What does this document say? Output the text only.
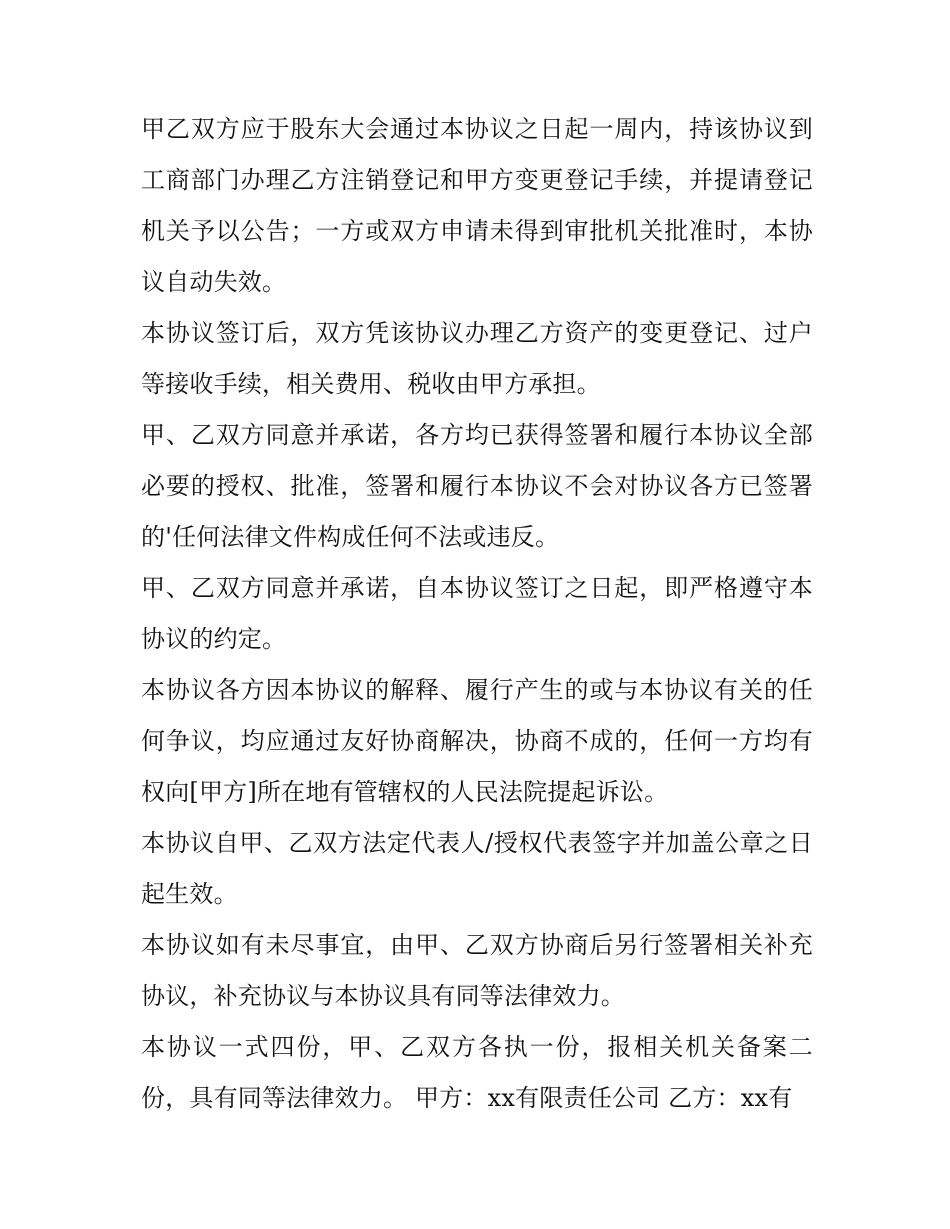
甲乙双方应于股东大会通过本协议之日起一周内，持该协议到工商部门办理乙方注销登记和甲方变更登记手续，并提请登记机关予以公告；一方或双方申请未得到审批机关批准时，本协议自动失效。

本协议签订后，双方凭该协议办理乙方资产的变更登记、过户等接收手续，相关费用、税收由甲方承担。

甲、乙双方同意并承诺，各方均已获得签署和履行本协议全部必要的授权、批准，签署和履行本协议不会对协议各方已签署的'任何法律文件构成任何不法或违反。

甲、乙双方同意并承诺，自本协议签订之日起，即严格遵守本协议的约定。

本协议各方因本协议的解释、履行产生的或与本协议有关的任何争议，均应通过友好协商解决，协商不成的，任何一方均有权向[甲方]所在地有管辖权的人民法院提起诉讼。

本协议自甲、乙双方法定代表人/授权代表签字并加盖公章之日起生效。

本协议如有未尽事宜，由甲、乙双方协商后另行签署相关补充协议，补充协议与本协议具有同等法律效力。

本协议一式四份，甲、乙双方各执一份，报相关机关备案二份，具有同等法律效力。 甲方：xx有限责任公司 乙方：xx有
